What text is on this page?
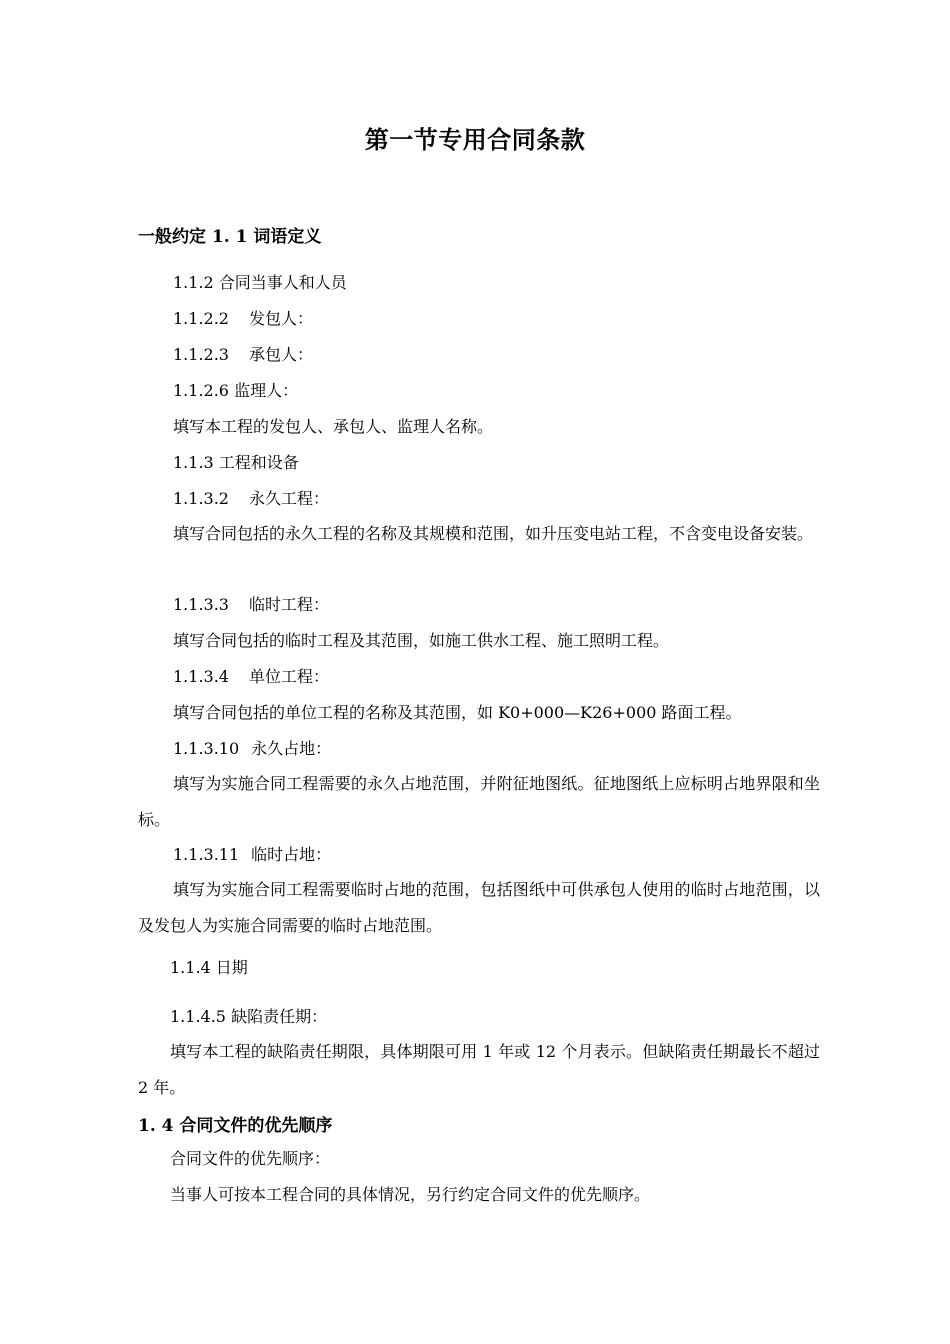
第一节专用合同条款
一般约定 1. 1 词语定义
1.1.2 合同当事人和人员
1.1.2.2 发包人：
1.1.2.3 承包人：
1.1.2.6 监理人：
填写本工程的发包人、承包人、监理人名称。
1.1.3 工程和设备
1.1.3.2 永久工程：
填写合同包括的永久工程的名称及其规模和范围，如升压变电站工程，不含变电设备安装。
1.1.3.3 临时工程：
填写合同包括的临时工程及其范围，如施工供水工程、施工照明工程。
1.1.3.4 单位工程：
填写合同包括的单位工程的名称及其范围，如 K0+000—K26+000 路面工程。
1.1.3.10 永久占地：
填写为实施合同工程需要的永久占地范围，并附征地图纸。征地图纸上应标明占地界限和坐标。
1.1.3.11 临时占地：
填写为实施合同工程需要临时占地的范围，包括图纸中可供承包人使用的临时占地范围，以及发包人为实施合同需要的临时占地范围。
1.1.4 日期
1.1.4.5 缺陷责任期：
填写本工程的缺陷责任期限，具体期限可用 1 年或 12 个月表示。但缺陷责任期最长不超过 2 年。
1. 4 合同文件的优先顺序
合同文件的优先顺序：
当事人可按本工程合同的具体情况，另行约定合同文件的优先顺序。
